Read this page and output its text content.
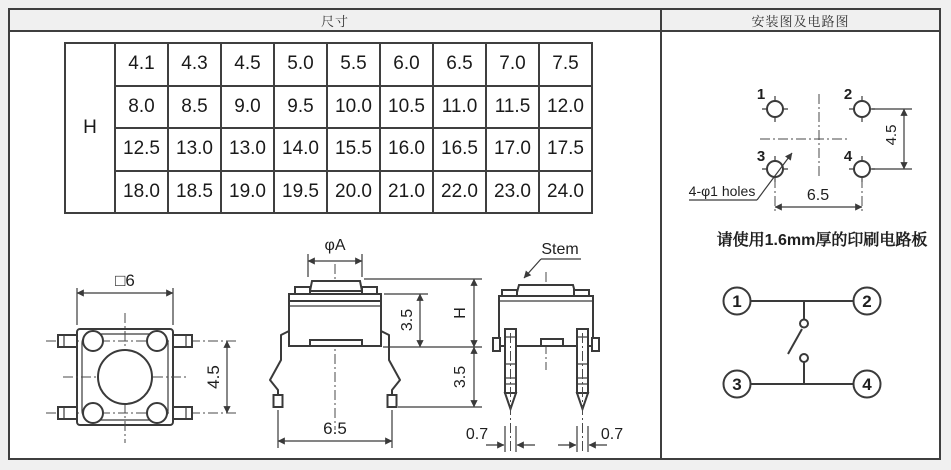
尺寸	安装图及电路图
H	4.1	4.3	4.5	5.0	5.5	6.0	6.5	7.0	7.5
	8.0	8.5	9.0	9.5	10.0	10.5	11.0	11.5	12.0
	12.5	13.0	13.0	14.0	15.5	16.0	16.5	17.0	17.5
	18.0	18.5	19.0	19.5	20.0	21.0	22.0	23.0	24.0
□6
4.5
φA
6.5
3.5 H
3.5
Stem
0.7	0.7
1	2
3	4
4.5
6.5
4-φ1 holes
请使用1.6mm厚的印刷电路板
1	2
3	4
